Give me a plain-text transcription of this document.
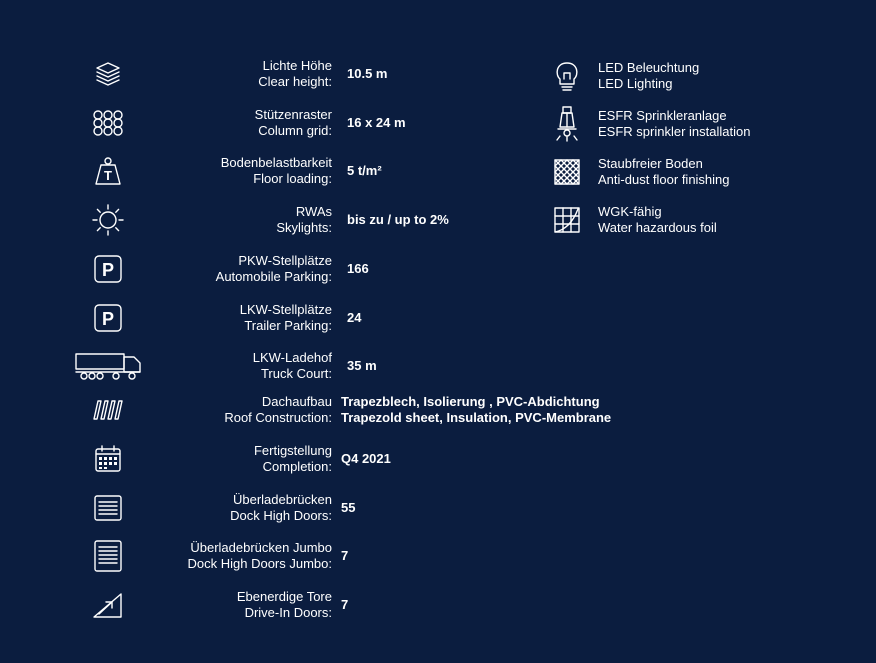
Lichte Höhe
Clear height:
10.5 m
Stützenraster
Column grid:
16 x 24 m
T
Bodenbelastbarkeit
Floor loading:
5 t/m²
RWAs
Skylights:
bis zu / up to 2%
P	PKW-Stellplätze
Automobile Parking:
166
P	LKW-Stellplätze
Trailer Parking:
24
LKW-Ladehof
Truck Court:
35 m
Dachaufbau
Roof Construction:
Trapezblech, Isolierung , PVC-Abdichtung
Trapezold sheet, Insulation, PVC-Membrane
Fertigstellung
Completion:
Q4 2021
Überladebrücken
Dock High Doors:
55
Überladebrücken Jumbo
Dock High Doors Jumbo:
7
Ebenerdige Tore
Drive-In Doors:
7
LED Beleuchtung
LED Lighting
ESFR Sprinkleranlage
ESFR sprinkler installation
Staubfreier Boden
Anti-dust floor finishing
WGK-fähig
Water hazardous foil
